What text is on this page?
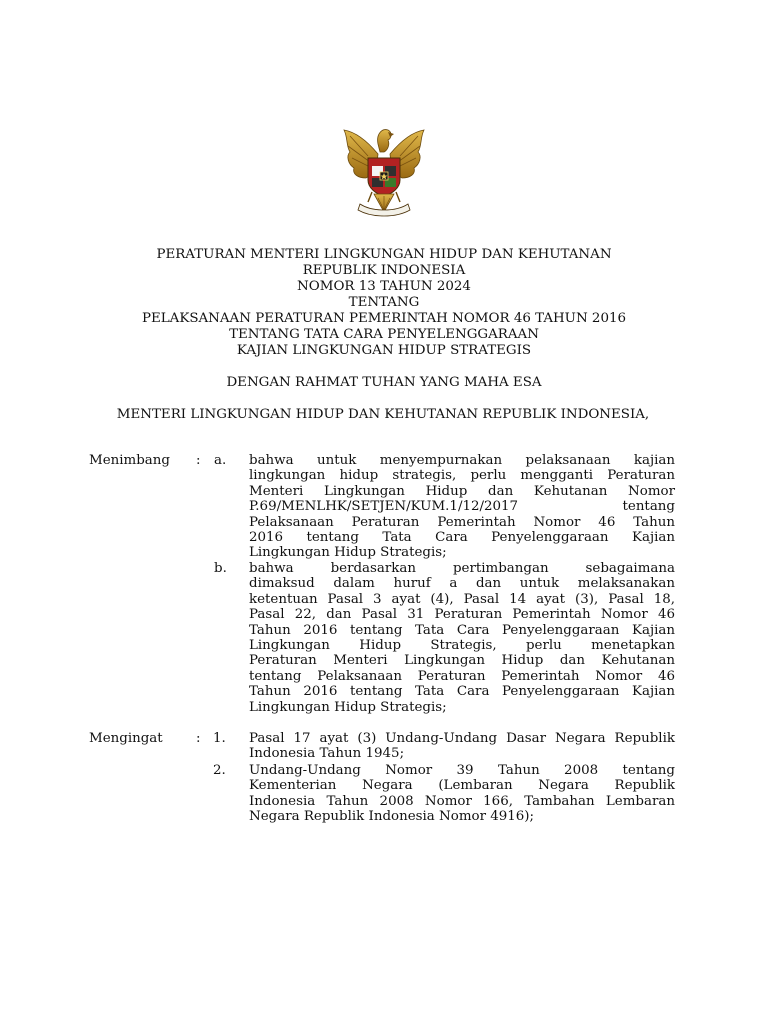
PERATURAN MENTERI LINGKUNGAN HIDUP DAN KEHUTANAN
REPUBLIK INDONESIA
NOMOR 13 TAHUN 2024
TENTANG
PELAKSANAAN PERATURAN PEMERINTAH NOMOR 46 TAHUN 2016
TENTANG TATA CARA PENYELENGGARAAN
KAJIAN LINGKUNGAN HIDUP STRATEGIS
DENGAN RAHMAT TUHAN YANG MAHA ESA
MENTERI LINGKUNGAN HIDUP DAN KEHUTANAN REPUBLIK INDONESIA,
Menimbang : a. bahwa untuk menyempurnakan pelaksanaan kajian
lingkungan hidup strategis, perlu mengganti Peraturan
Menteri Lingkungan Hidup dan Kehutanan Nomor
P.69/MENLHK/SETJEN/KUM.1/12/2017 tentang
Pelaksanaan Peraturan Pemerintah Nomor 46 Tahun
2016 tentang Tata Cara Penyelenggaraan Kajian
Lingkungan Hidup Strategis;
b. bahwa berdasarkan pertimbangan sebagaimana
dimaksud dalam huruf a dan untuk melaksanakan
ketentuan Pasal 3 ayat (4), Pasal 14 ayat (3), Pasal 18,
Pasal 22, dan Pasal 31 Peraturan Pemerintah Nomor 46
Tahun 2016 tentang Tata Cara Penyelenggaraan Kajian
Lingkungan Hidup Strategis, perlu menetapkan
Peraturan Menteri Lingkungan Hidup dan Kehutanan
tentang Pelaksanaan Peraturan Pemerintah Nomor 46
Tahun 2016 tentang Tata Cara Penyelenggaraan Kajian
Lingkungan Hidup Strategis;
Mengingat : 1. Pasal 17 ayat (3) Undang-Undang Dasar Negara Republik
Indonesia Tahun 1945;
2. Undang-Undang Nomor 39 Tahun 2008 tentang
Kementerian Negara (Lembaran Negara Republik
Indonesia Tahun 2008 Nomor 166, Tambahan Lembaran
Negara Republik Indonesia Nomor 4916);
